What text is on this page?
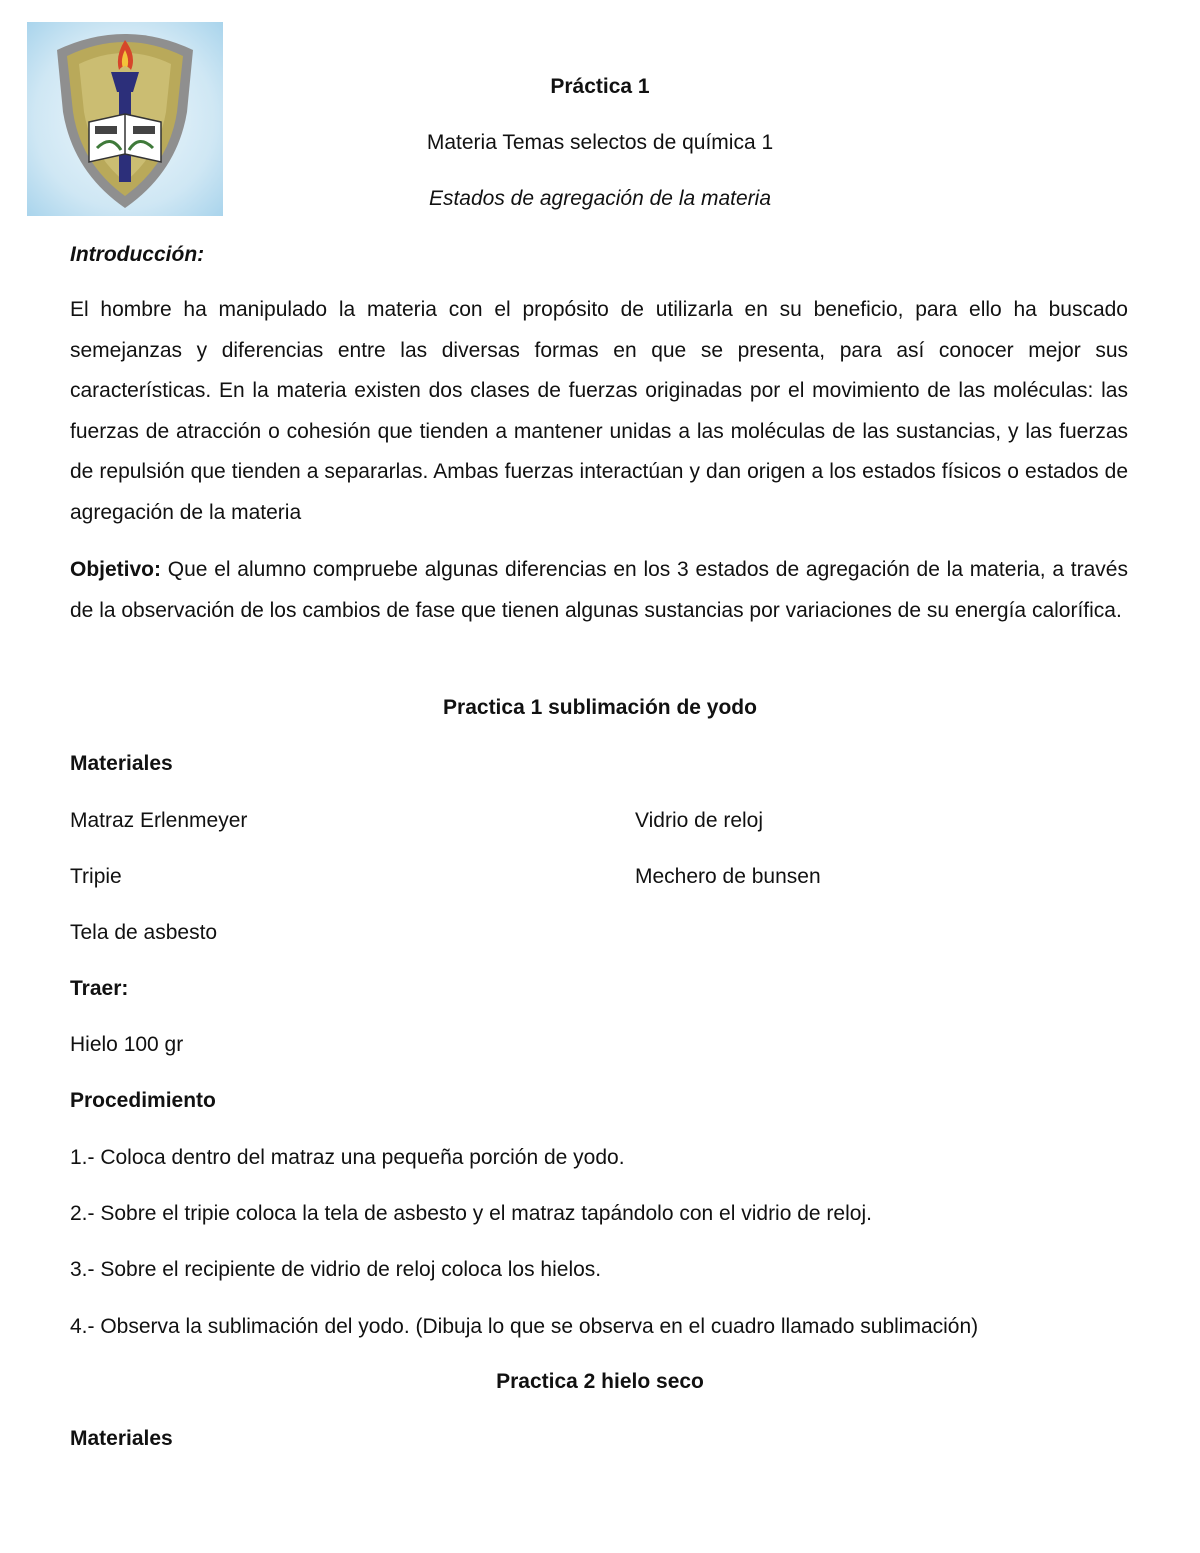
Práctica 1
Materia Temas selectos de química 1
Estados de agregación de la materia
Introducción:

El hombre ha manipulado la materia con el propósito de utilizarla en su beneficio, para ello ha buscado semejanzas y diferencias entre las diversas formas en que se presenta, para así conocer mejor sus características. En la materia existen dos clases de fuerzas originadas por el movimiento de las moléculas: las fuerzas de atracción o cohesión que tienden a mantener unidas a las moléculas de las sustancias, y las fuerzas de repulsión que tienden a separarlas. Ambas fuerzas interactúan y dan origen a los estados físicos o estados de agregación de la materia

Objetivo: Que el alumno compruebe algunas diferencias en los 3 estados de agregación de la materia, a través de la observación de los cambios de fase que tienen algunas sustancias por variaciones de su energía calorífica.

Practica 1 sublimación de yodo
Materiales
Matraz Erlenmeyer	Vidrio de reloj
Tripie	Mechero de bunsen
Tela de asbesto
Traer:
Hielo 100 gr
Procedimiento
1.- Coloca dentro del matraz una pequeña porción de yodo.
2.- Sobre el tripie coloca la tela de asbesto y el matraz tapándolo con el vidrio de reloj.
3.- Sobre el recipiente de vidrio de reloj coloca los hielos.
4.- Observa la sublimación del yodo. (Dibuja lo que se observa en el cuadro llamado sublimación)
Practica 2 hielo seco
Materiales
